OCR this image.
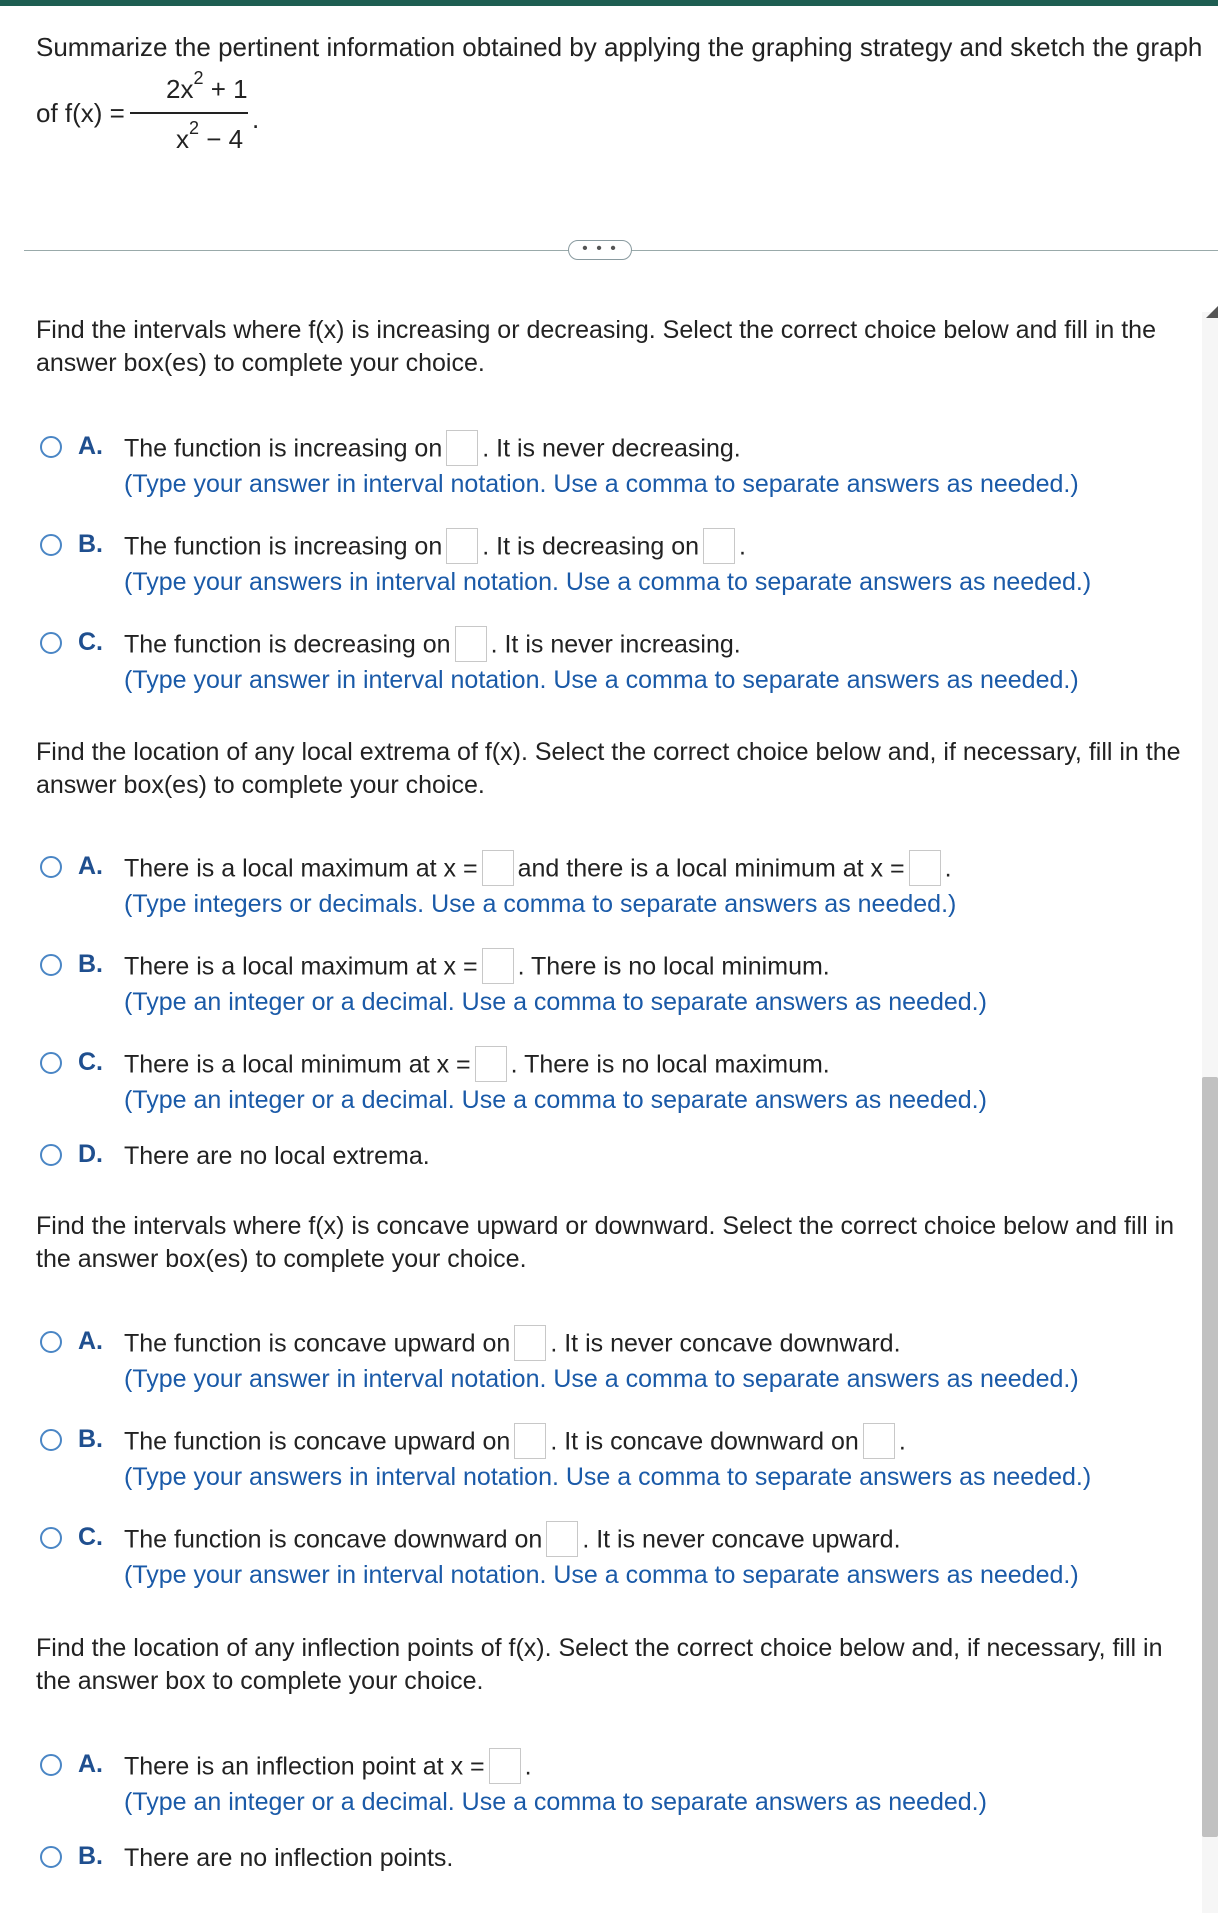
Summarize the pertinent information obtained by applying the graphing strategy and sketch the graph
of f(x) =
$2x^2 + 1$
$x^2 - 4$
.
• • •
Find the intervals where f(x) is increasing or decreasing. Select the correct choice below and fill in the answer box(es) to complete your choice.
A. The function is increasing on . It is never decreasing.
(Type your answer in interval notation. Use a comma to separate answers as needed.)
B. The function is increasing on . It is decreasing on .
(Type your answers in interval notation. Use a comma to separate answers as needed.)
C. The function is decreasing on . It is never increasing.
(Type your answer in interval notation. Use a comma to separate answers as needed.)
Find the location of any local extrema of f(x). Select the correct choice below and, if necessary, fill in the answer box(es) to complete your choice.
A. There is a local maximum at x = and there is a local minimum at x = .
(Type integers or decimals. Use a comma to separate answers as needed.)
B. There is a local maximum at x = . There is no local minimum.
(Type an integer or a decimal. Use a comma to separate answers as needed.)
C. There is a local minimum at x = . There is no local maximum.
(Type an integer or a decimal. Use a comma to separate answers as needed.)
D. There are no local extrema.
Find the intervals where f(x) is concave upward or downward. Select the correct choice below and fill in the answer box(es) to complete your choice.
A. The function is concave upward on . It is never concave downward.
(Type your answer in interval notation. Use a comma to separate answers as needed.)
B. The function is concave upward on . It is concave downward on .
(Type your answers in interval notation. Use a comma to separate answers as needed.)
C. The function is concave downward on . It is never concave upward.
(Type your answer in interval notation. Use a comma to separate answers as needed.)
Find the location of any inflection points of f(x). Select the correct choice below and, if necessary, fill in the answer box to complete your choice.
A. There is an inflection point at x = .
(Type an integer or a decimal. Use a comma to separate answers as needed.)
B. There are no inflection points.
